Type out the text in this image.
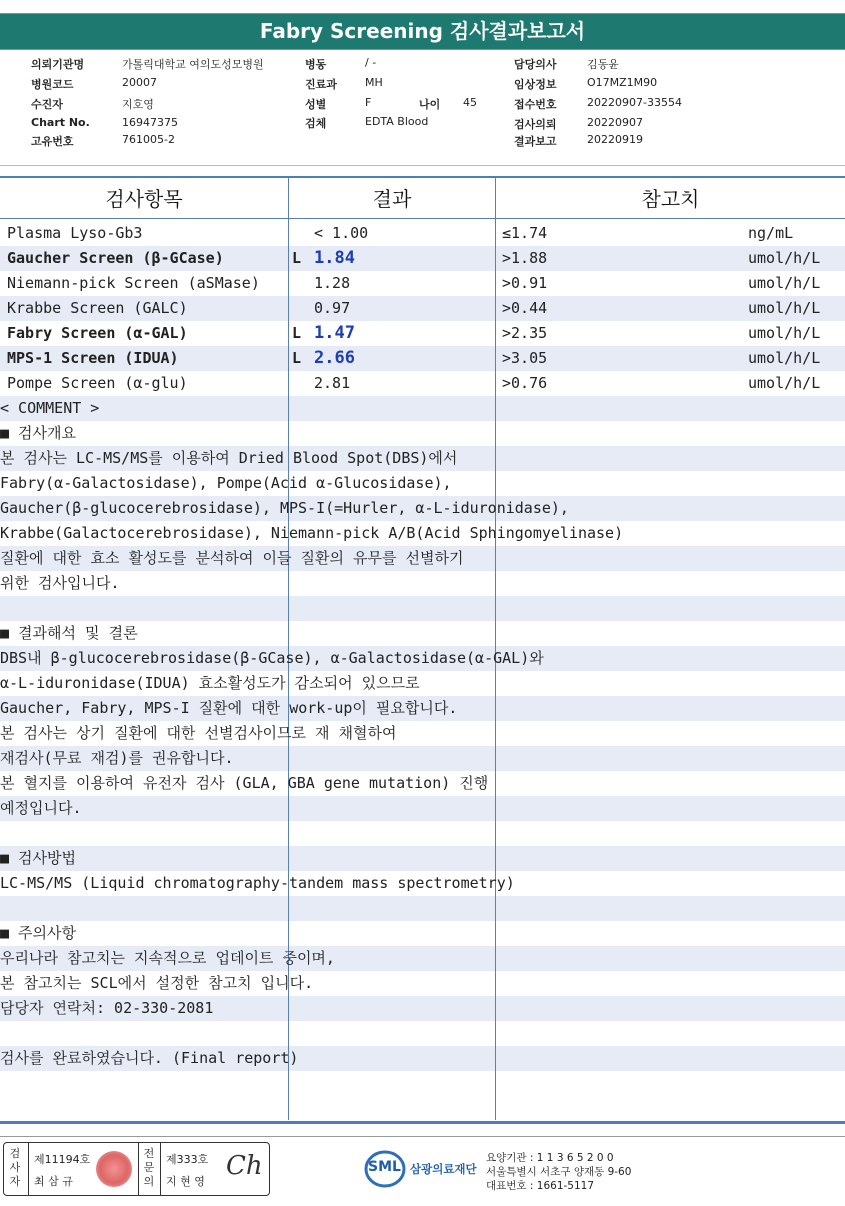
Fabry Screening 검사결과보고서
의뢰기관명	가톨릭대학교 여의도성모병원
병원코드	20007
수진자	지호영
Chart No.	16947375
고유번호	761005-2
병동	/ -
진료과	MH
성별	F
검체	EDTA Blood
나이 45
담당의사	김동윤
임상정보	O17MZ1M90
접수번호	20220907-33554
검사의뢰	20220907
결과보고	20220919
검사항목	결과	참고치
Plasma Lyso-Gb3	< 1.00	≤1.74	ng/mL
Gaucher Screen (β-GCase)	L 1.84	>1.88	umol/h/L
Niemann-pick Screen (aSMase)	1.28	>0.91	umol/h/L
Krabbe Screen (GALC)	0.97	>0.44	umol/h/L
Fabry Screen (α-GAL)	L 1.47	>2.35	umol/h/L
MPS-1 Screen (IDUA)	L 2.66	>3.05	umol/h/L
Pompe Screen (α-glu)	2.81	>0.76	umol/h/L
< COMMENT >
■ 검사개요
본 검사는 LC-MS/MS를 이용하여 Dried Blood Spot(DBS)에서
Fabry(α-Galactosidase), Pompe(Acid α-Glucosidase),
Gaucher(β-glucocerebrosidase), MPS-I(=Hurler, α-L-iduronidase),
Krabbe(Galactocerebrosidase), Niemann-pick A/B(Acid Sphingomyelinase)
질환에 대한 효소 활성도를 분석하여 이들 질환의 유무를 선별하기
위한 검사입니다.
■ 결과해석 및 결론
DBS내 β-glucocerebrosidase(β-GCase), α-Galactosidase(α-GAL)와
α-L-iduronidase(IDUA) 효소활성도가 감소되어 있으므로
Gaucher, Fabry, MPS-I 질환에 대한 work-up이 필요합니다.
본 검사는 상기 질환에 대한 선별검사이므로 재 채혈하여
재검사(무료 재검)를 권유합니다.
본 혈지를 이용하여 유전자 검사 (GLA, GBA gene mutation) 진행
예정입니다.
■ 검사방법
LC-MS/MS (Liquid chromatography-tandem mass spectrometry)
■ 주의사항
우리나라 참고치는 지속적으로 업데이트 중이며,
본 참고치는 SCL에서 설정한 참고치 입니다.
담당자 연락처: 02-330-2081
검사를 완료하였습니다. (Final report)
검사자
제11194호
최 삼 규
전문의
제333호
지 현 영
Ch	SML 삼광의료재단
요양기관 : 1 1 3 6 5 2 0 0
서울특별시 서초구 양재동 9-60
대표번호 : 1661-5117
